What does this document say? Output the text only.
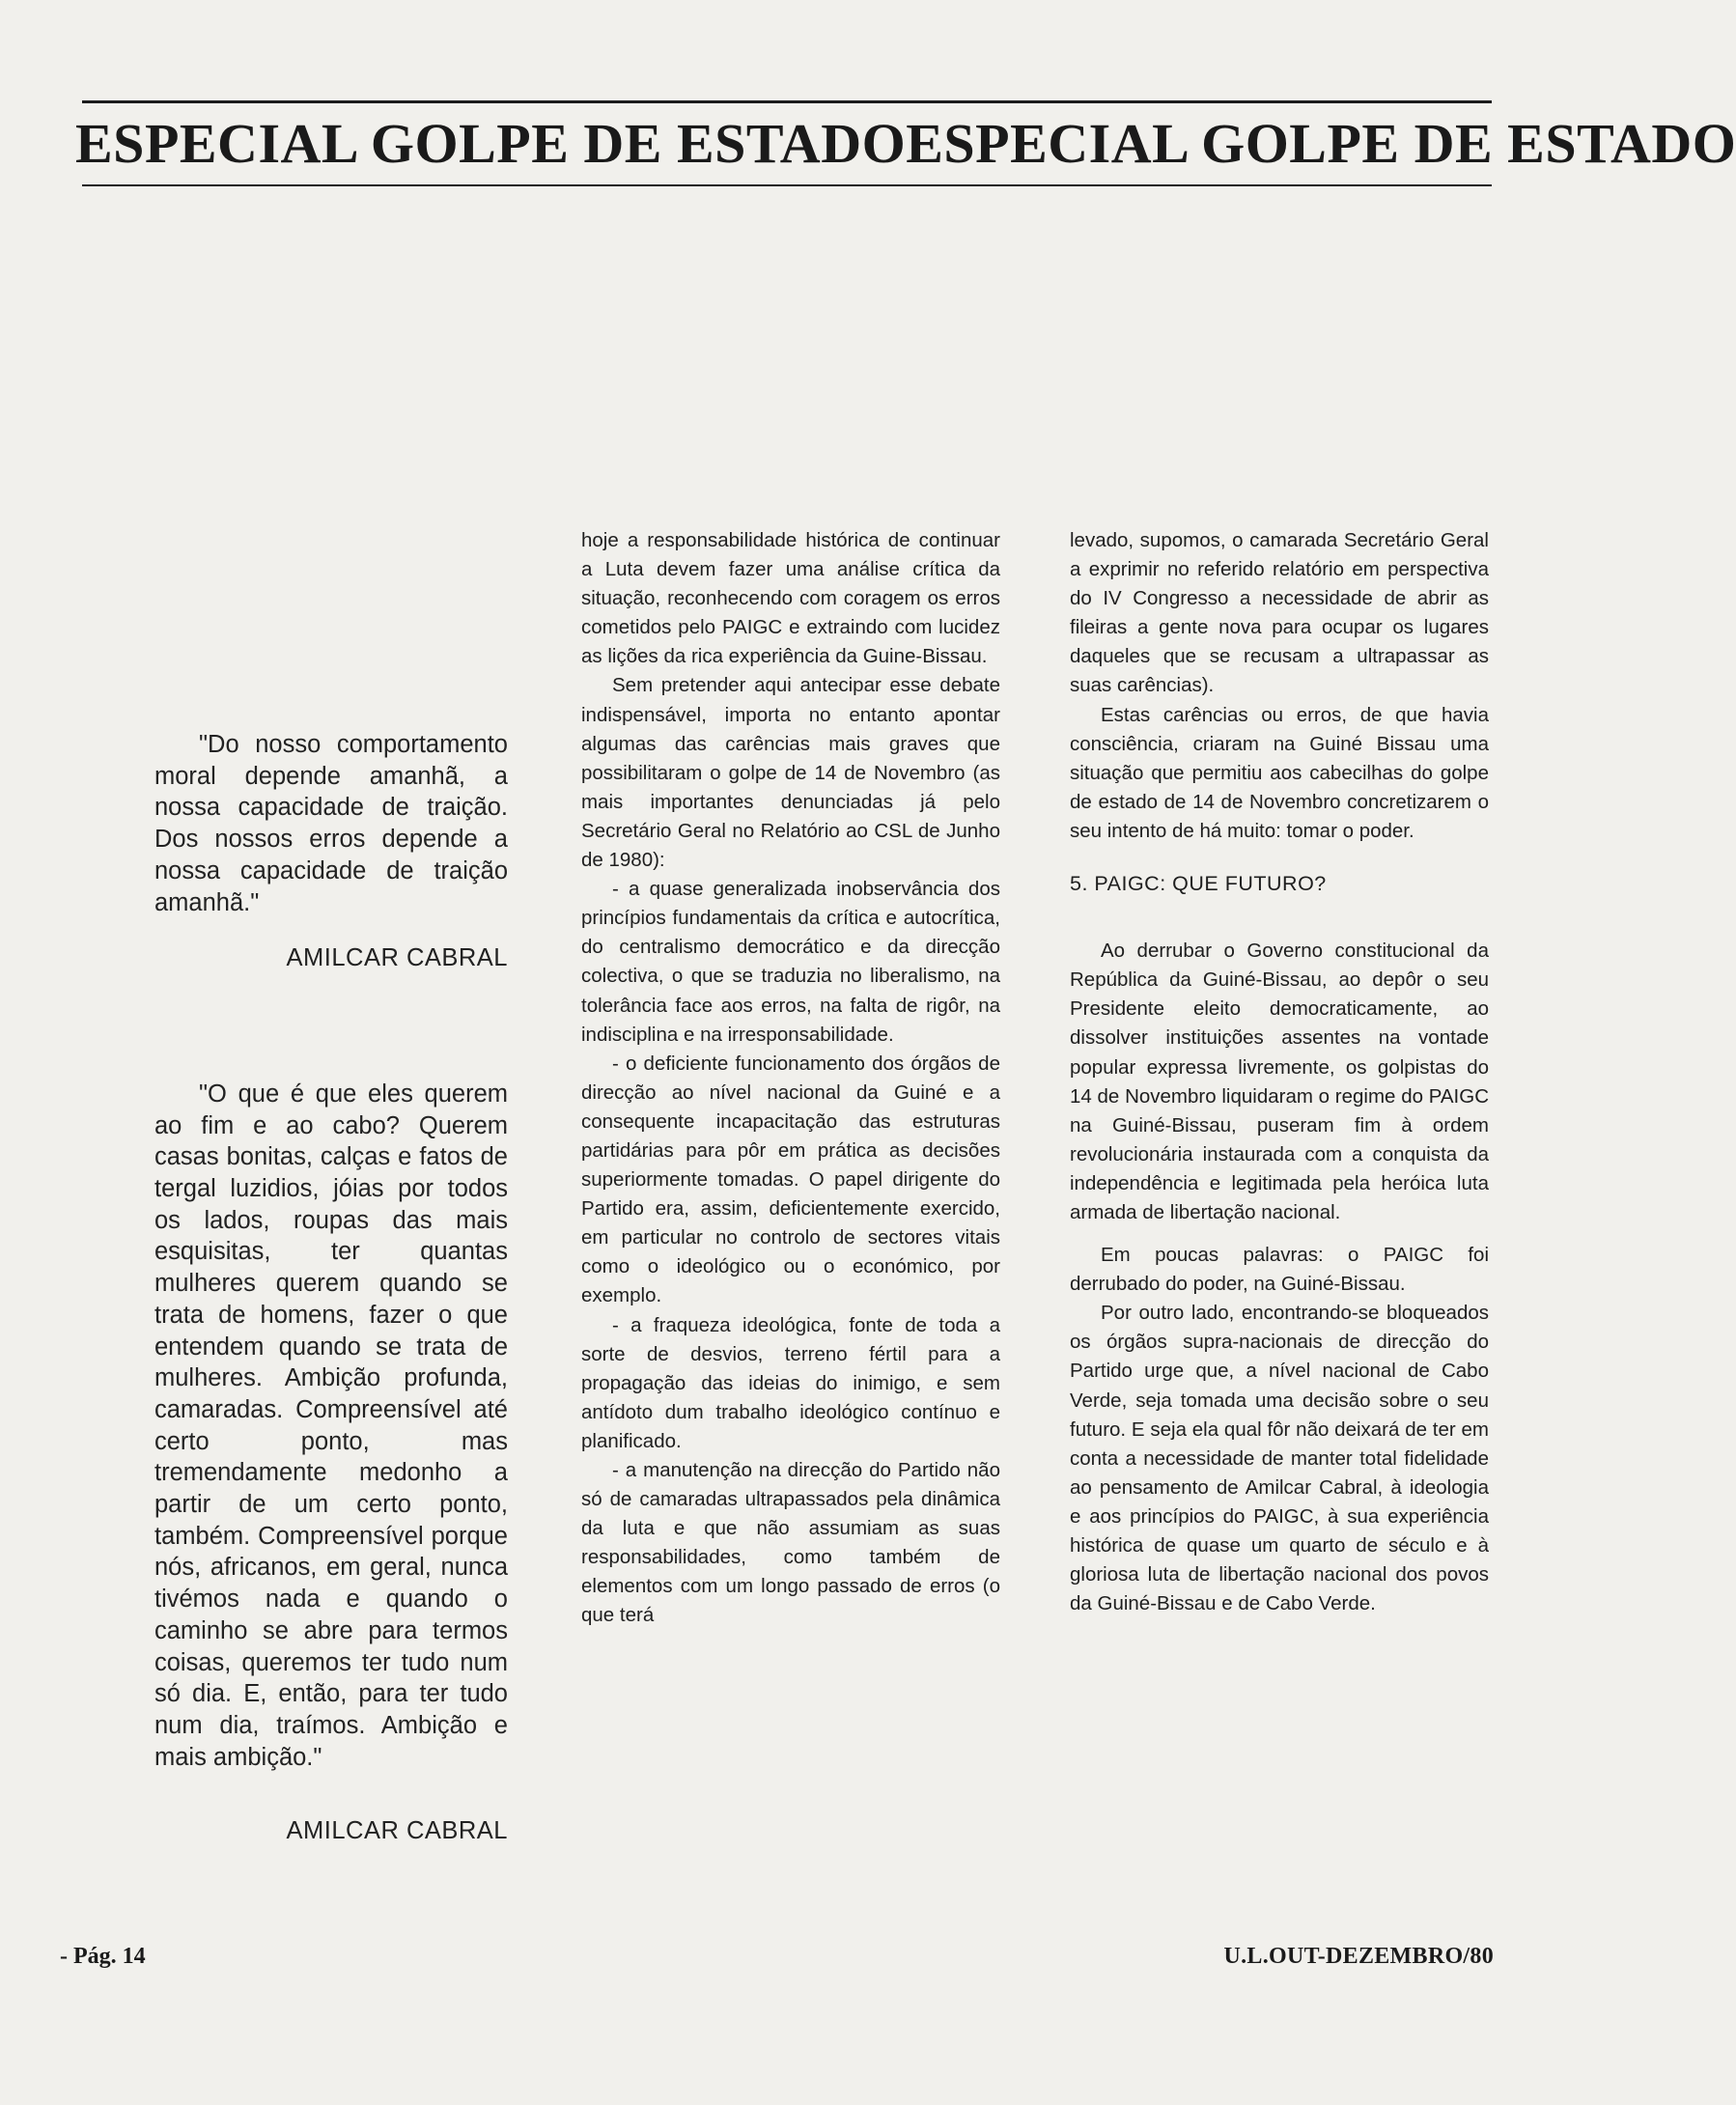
ESPECIAL GOLPE DE ESTADOESPECIAL GOLPE DE ESTADO

"Do nosso comportamento moral depende amanhã, a nossa capacidade de traição. Dos nossos erros depende a nossa capacidade de traição amanhã."

AMILCAR CABRAL

"O que é que eles querem ao fim e ao cabo? Querem casas bonitas, calças e fatos de tergal luzidios, jóias por todos os lados, roupas das mais esquisitas, ter quantas mulheres querem quando se trata de homens, fazer o que entendem quando se trata de mulheres. Ambição profunda, camaradas. Compreensível até certo ponto, mas tremendamente medonho a partir de um certo ponto, também. Compreensível porque nós, africanos, em geral, nunca tivémos nada e quando o caminho se abre para termos coisas, queremos ter tudo num só dia. E, então, para ter tudo num dia, traímos. Ambição e mais ambição."

AMILCAR CABRAL

hoje a responsabilidade histórica de continuar a Luta devem fazer uma análise crítica da situação, reconhecendo com coragem os erros cometidos pelo PAIGC e extraindo com lucidez as lições da rica experiência da Guine-Bissau.

Sem pretender aqui antecipar esse debate indispensável, importa no entanto apontar algumas das carências mais graves que possibilitaram o golpe de 14 de Novembro (as mais importantes denunciadas já pelo Secretário Geral no Relatório ao CSL de Junho de 1980):

- a quase generalizada inobservância dos princípios fundamentais da crítica e autocrítica, do centralismo democrático e da direcção colectiva, o que se traduzia no liberalismo, na tolerância face aos erros, na falta de rigôr, na indisciplina e na irresponsabilidade.

- o deficiente funcionamento dos órgãos de direcção ao nível nacional da Guiné e a consequente incapacitação das estruturas partidárias para pôr em prática as decisões superiormente tomadas. O papel dirigente do Partido era, assim, deficientemente exercido, em particular no controlo de sectores vitais como o ideológico ou o económico, por exemplo.

- a fraqueza ideológica, fonte de toda a sorte de desvios, terreno fértil para a propagação das ideias do inimigo, e sem antídoto dum trabalho ideológico contínuo e planificado.

- a manutenção na direcção do Partido não só de camaradas ultrapassados pela dinâmica da luta e que não assumiam as suas responsabilidades, como também de elementos com um longo passado de erros (o que terá

levado, supomos, o camarada Secretário Geral a exprimir no referido relatório em perspectiva do IV Congresso a necessidade de abrir as fileiras a gente nova para ocupar os lugares daqueles que se recusam a ultrapassar as suas carências).

Estas carências ou erros, de que havia consciência, criaram na Guiné Bissau uma situação que permitiu aos cabecilhas do golpe de estado de 14 de Novembro concretizarem o seu intento de há muito: tomar o poder.

5. PAIGC: QUE FUTURO?

Ao derrubar o Governo constitucional da República da Guiné-Bissau, ao depôr o seu Presidente eleito democraticamente, ao dissolver instituições assentes na vontade popular expressa livremente, os golpistas do 14 de Novembro liquidaram o regime do PAIGC na Guiné-Bissau, puseram fim à ordem revolucionária instaurada com a conquista da independência e legitimada pela heróica luta armada de libertação nacional.

Em poucas palavras: o PAIGC foi derrubado do poder, na Guiné-Bissau.

Por outro lado, encontrando-se bloqueados os órgãos supra-nacionais de direcção do Partido urge que, a nível nacional de Cabo Verde, seja tomada uma decisão sobre o seu futuro. E seja ela qual fôr não deixará de ter em conta a necessidade de manter total fidelidade ao pensamento de Amilcar Cabral, à ideologia e aos princípios do PAIGC, à sua experiência histórica de quase um quarto de século e à gloriosa luta de libertação nacional dos povos da Guiné-Bissau e de Cabo Verde.

- Pág. 14	U.L.OUT-DEZEMBRO/80
